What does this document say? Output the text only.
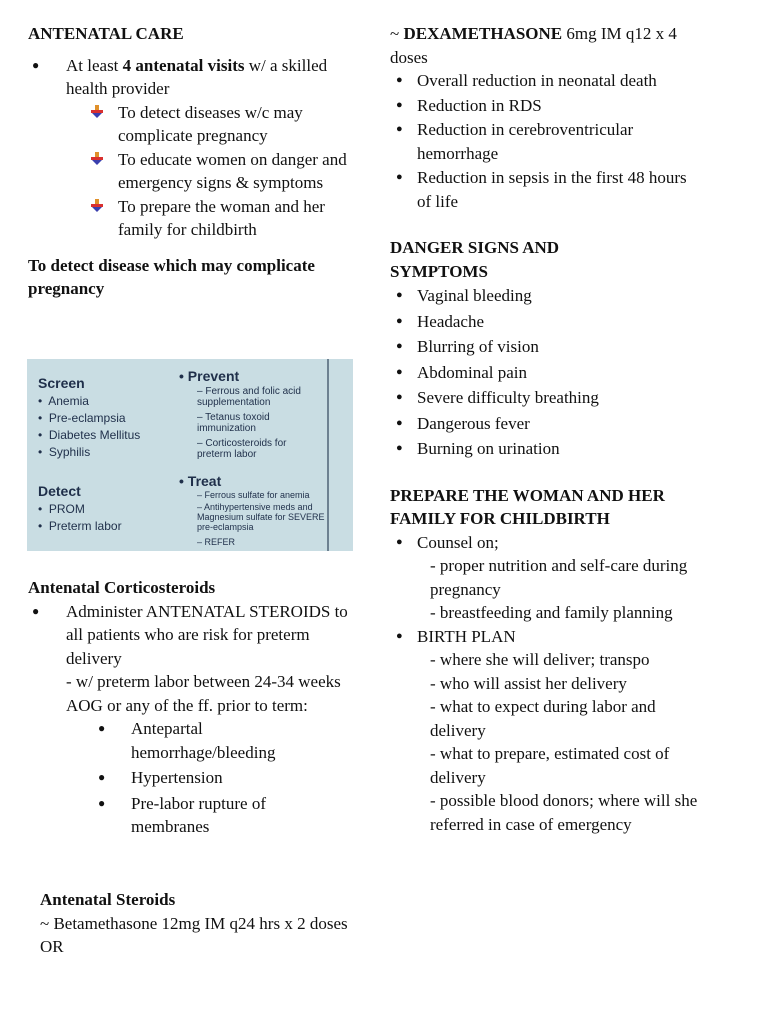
ANTENATAL CARE
● At least 4 antenatal visits w/ a skilled health provider
To detect diseases w/c may complicate pregnancy
To educate women on danger and emergency signs & symptoms
To prepare the woman and her family for childbirth
To detect disease which may complicate pregnancy
Screen
•  Anemia
•  Pre-eclampsia
•  Diabetes Mellitus
•  Syphilis
Detect
•  PROM
•  Preterm labor
• Prevent
– Ferrous and folic acid supplementation
– Tetanus toxoid immunization
– Corticosteroids for preterm labor
• Treat
– Ferrous sulfate for anemia
– Antihypertensive meds and Magnesium sulfate for SEVERE pre-eclampsia
– REFER
Antenatal Corticosteroids
● Administer ANTENATAL STEROIDS to all patients who are risk for preterm delivery
- w/ preterm labor between 24-34 weeks AOG or any of the ff. prior to term:
● Antepartal hemorrhage/bleeding
● Hypertension
● Pre-labor rupture of membranes
Antenatal Steroids
~ Betamethasone 12mg IM q24 hrs x 2 doses OR
~ DEXAMETHASONE 6mg IM q12 x 4 doses
● Overall reduction in neonatal death
● Reduction in RDS
● Reduction in cerebroventricular hemorrhage
● Reduction in sepsis in the first 48 hours of life
DANGER SIGNS AND SYMPTOMS
● Vaginal bleeding
● Headache
● Blurring of vision
● Abdominal pain
● Severe difficulty breathing
● Dangerous fever
● Burning on urination
PREPARE THE WOMAN AND HER FAMILY FOR CHILDBIRTH
● Counsel on;
- proper nutrition and self-care during pregnancy
- breastfeeding and family planning
● BIRTH PLAN
- where she will deliver; transpo
- who will assist her delivery
- what to expect during labor and delivery
- what to prepare, estimated cost of delivery
- possible blood donors; where will she referred in case of emergency
